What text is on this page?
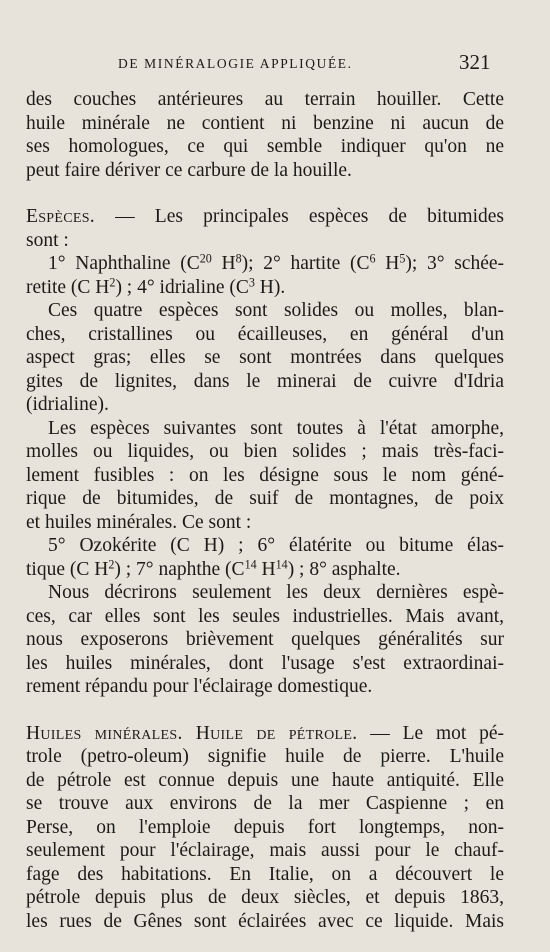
DE MINÉRALOGIE APPLIQUÉE.	321
des couches antérieures au terrain houiller. Cette
huile minérale ne contient ni benzine ni aucun de
ses homologues, ce qui semble indiquer qu'on ne
peut faire dériver ce carbure de la houille.
Espèces. — Les principales espèces de bitumides
sont :
1° Naphthaline ($C^{20}$ $H^8$); 2° hartite ($C^6$ $H^5$); 3° schée-
retite (C $H^2$) ; 4° idrialine ($C^3$ H).
Ces quatre espèces sont solides ou molles, blan-
ches, cristallines ou écailleuses, en général d'un
aspect gras; elles se sont montrées dans quelques
gites de lignites, dans le minerai de cuivre d'Idria
(idrialine).
Les espèces suivantes sont toutes à l'état amorphe,
molles ou liquides, ou bien solides ; mais très-faci-
lement fusibles : on les désigne sous le nom géné-
rique de bitumides, de suif de montagnes, de poix
et huiles minérales. Ce sont :
5° Ozokérite (C H) ; 6° élatérite ou bitume élas-
tique (C $H^2$) ; 7° naphthe ($C^{14}$ $H^{14}$) ; 8° asphalte.
Nous décrirons seulement les deux dernières espè-
ces, car elles sont les seules industrielles. Mais avant,
nous exposerons brièvement quelques généralités sur
les huiles minérales, dont l'usage s'est extraordinai-
rement répandu pour l'éclairage domestique.
Huiles minérales. Huile de pétrole. — Le mot pé-
trole (petro-oleum) signifie huile de pierre. L'huile
de pétrole est connue depuis une haute antiquité. Elle
se trouve aux environs de la mer Caspienne ; en
Perse, on l'emploie depuis fort longtemps, non-
seulement pour l'éclairage, mais aussi pour le chauf-
fage des habitations. En Italie, on a découvert le
pétrole depuis plus de deux siècles, et depuis 1863,
les rues de Gênes sont éclairées avec ce liquide. Mais
